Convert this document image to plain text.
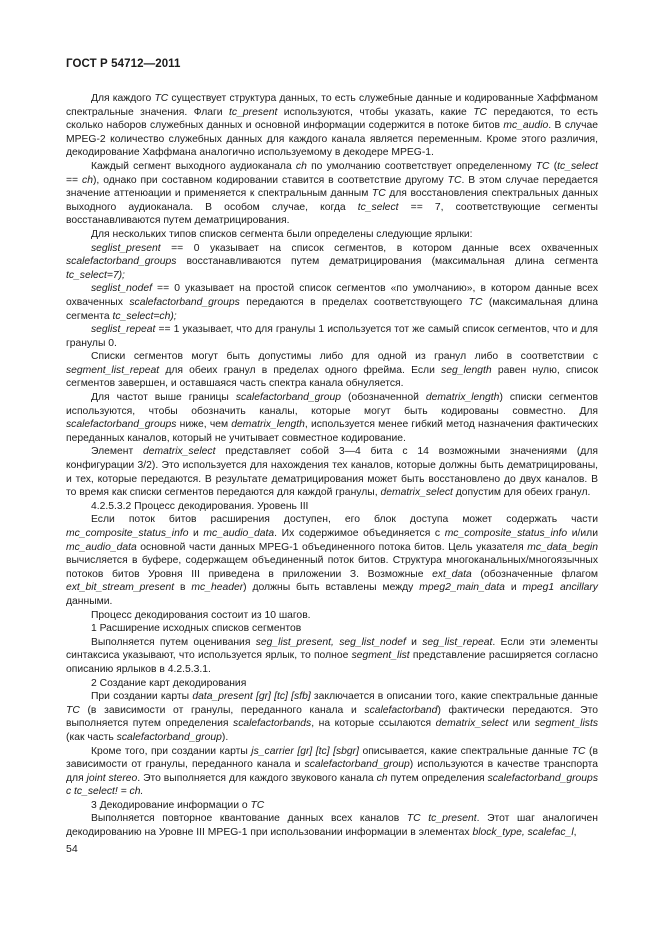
ГОСТ Р 54712—2011

Для каждого TC существует структура данных, то есть служебные данные и кодированные Хаффманом спектральные значения. Флаги tc_present используются, чтобы указать, какие TC передаются, то есть сколько наборов служебных данных и основной информации содержится в потоке битов mc_audio. В случае MPEG-2 количество служебных данных для каждого канала является переменным. Кроме этого различия, декодирование Хаффмана аналогично используемому в декодере MPEG-1.

Каждый сегмент выходного аудиоканала ch по умолчанию соответствует определенному TC (tc_select == ch), однако при составном кодировании ставится в соответствие другому TC. В этом случае передается значение аттенюации и применяется к спектральным данным TC для восстановления спектральных данных выходного аудиоканала. В особом случае, когда tc_select == 7, соответствующие сегменты восстанавливаются путем дематрицирования.

Для нескольких типов списков сегмента были определены следующие ярлыки:

seglist_present == 0 указывает на список сегментов, в котором данные всех охваченных scalefactorband_groups восстанавливаются путем дематрицирования (максимальная длина сегмента tc_select=7);

seglist_nodef == 0 указывает на простой список сегментов «по умолчанию», в котором данные всех охваченных scalefactorband_groups передаются в пределах соответствующего TC (максимальная длина сегмента tc_select=ch);

seglist_repeat == 1 указывает, что для гранулы 1 используется тот же самый список сегментов, что и для гранулы 0.

Списки сегментов могут быть допустимы либо для одной из гранул либо в соответствии с segment_list_repeat для обеих гранул в пределах одного фрейма. Если seg_length равен нулю, список сегментов завершен, и оставшаяся часть спектра канала обнуляется.

Для частот выше границы scalefactorband_group (обозначенной dematrix_length) списки сегментов используются, чтобы обозначить каналы, которые могут быть кодированы совместно. Для scalefactorband_groups ниже, чем dematrix_length, используется менее гибкий метод назначения фактических переданных каналов, который не учитывает совместное кодирование.

Элемент dematrix_select представляет собой 3—4 бита с 14 возможными значениями (для конфигурации 3/2). Это используется для нахождения тех каналов, которые должны быть дематрицированы, и тех, которые передаются. В результате дематрицирования может быть восстановлено до двух каналов. В то время как списки сегментов передаются для каждой гранулы, dematrix_select допустим для обеих гранул.

4.2.5.3.2 Процесс декодирования. Уровень III

Если поток битов расширения доступен, его блок доступа может содержать части mc_composite_status_info и mc_audio_data. Их содержимое объединяется с mc_composite_status_info и/или mc_audio_data основной части данных MPEG-1 объединенного потока битов. Цель указателя mc_data_begin вычисляется в буфере, содержащем объединенный поток битов. Структура многоканальных/многоязычных потоков битов Уровня III приведена в приложении З. Возможные ext_data (обозначенные флагом ext_bit_stream_present в mc_header) должны быть вставлены между mpeg2_main_data и mpeg1 ancillary данными.

Процесс декодирования состоит из 10 шагов.

1 Расширение исходных списков сегментов

Выполняется путем оценивания seg_list_present, seg_list_nodef и seg_list_repeat. Если эти элементы синтаксиса указывают, что используется ярлык, то полное segment_list представление расширяется согласно описанию ярлыков в 4.2.5.3.1.

2 Создание карт декодирования

При создании карты data_present [gr] [tc] [sfb] заключается в описании того, какие спектральные данные TC (в зависимости от гранулы, переданного канала и scalefactorband) фактически передаются. Это выполняется путем определения scalefactorbands, на которые ссылаются dematrix_select или segment_lists (как часть scalefactorband_group).

Кроме того, при создании карты js_carrier [gr] [tc] [sbgr] описывается, какие спектральные данные TC (в зависимости от гранулы, переданного канала и scalefactorband_group) используются в качестве транспорта для joint stereo. Это выполняется для каждого звукового канала ch путем определения scalefactorband_groups c tc_select! = ch.

3 Декодирование информации о TC

Выполняется повторное квантование данных всех каналов TC tc_present. Этот шаг аналогичен декодированию на Уровне III MPEG-1 при использовании информации в элементах block_type, scalefac_l,

54
